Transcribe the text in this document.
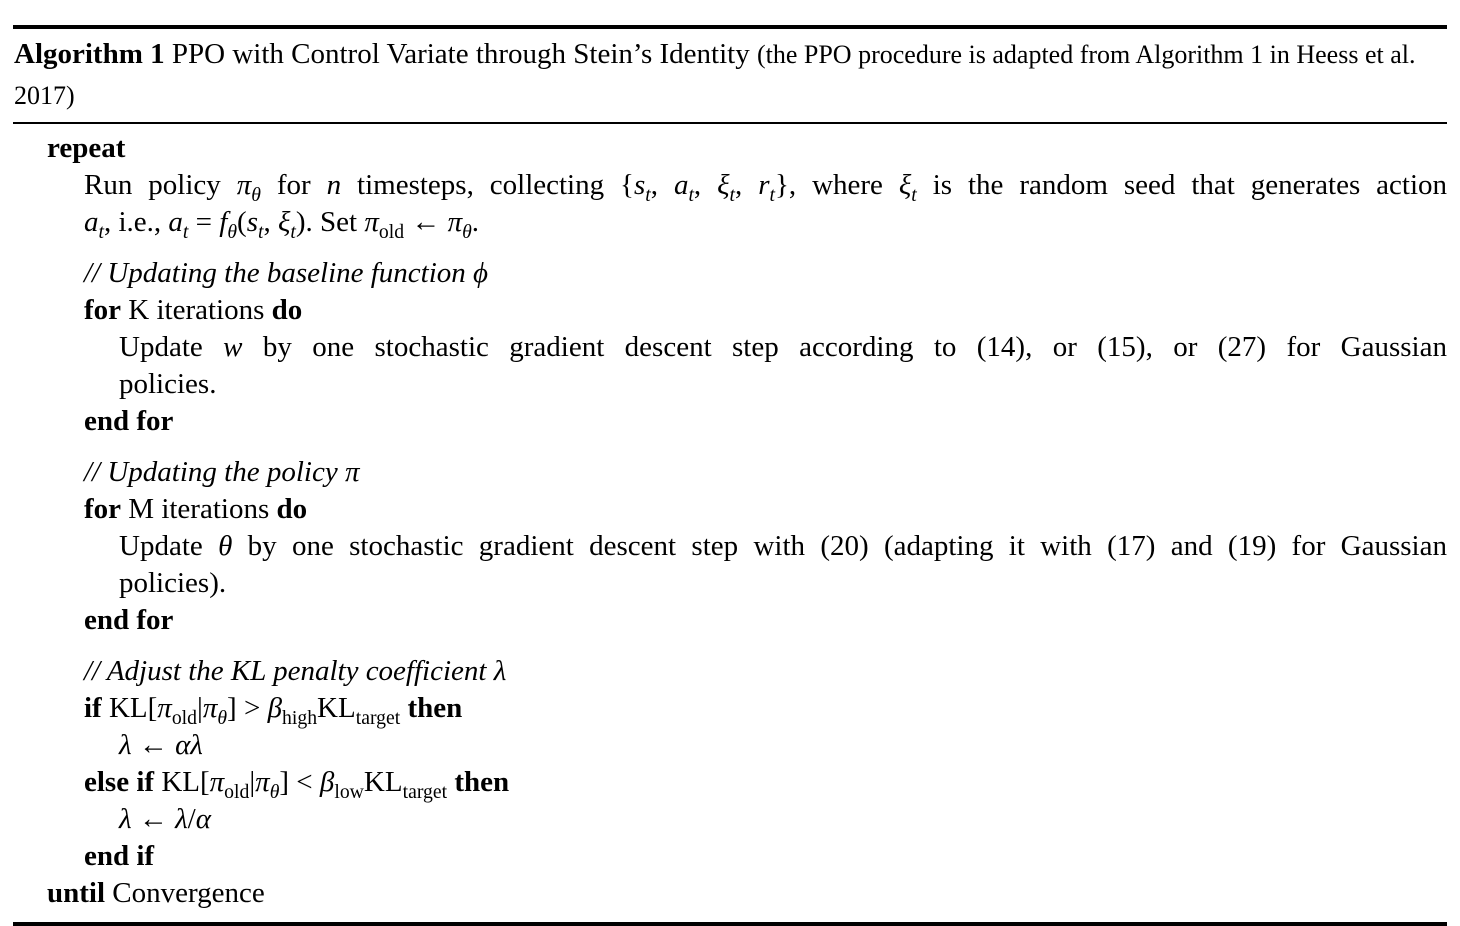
Algorithm 1 PPO with Control Variate through Stein’s Identity (the PPO procedure is adapted from Algorithm 1 in Heess et al. 2017)
repeat
Run policy $\pi_\theta$ for n timesteps, collecting {$s_t$, $a_t$, $\xi_t$, $r_t$}, where $\xi_t$ is the random seed that generates action
$a_t$, i.e., $a_t = f_\theta(s_t$, $\xi_t$). Set $\pi_{old}$ ← $\pi_\theta$.
// Updating the baseline function ϕ
for K iterations do
Update w by one stochastic gradient descent step according to (14), or (15), or (27) for Gaussian
policies.
end for
// Updating the policy π
for M iterations do
Update θ by one stochastic gradient descent step with (20) (adapting it with (17) and (19) for Gaussian
policies).
end for
// Adjust the KL penalty coefficient λ
if $KL[\pi_{old}|\pi_\theta] > \beta_{high}KL_{target}$ then
λ ← αλ
else if $KL[\pi_{old}|\pi_\theta] < \beta_{low}KL_{target}$ then
λ ← λ/α
end if
until Convergence
